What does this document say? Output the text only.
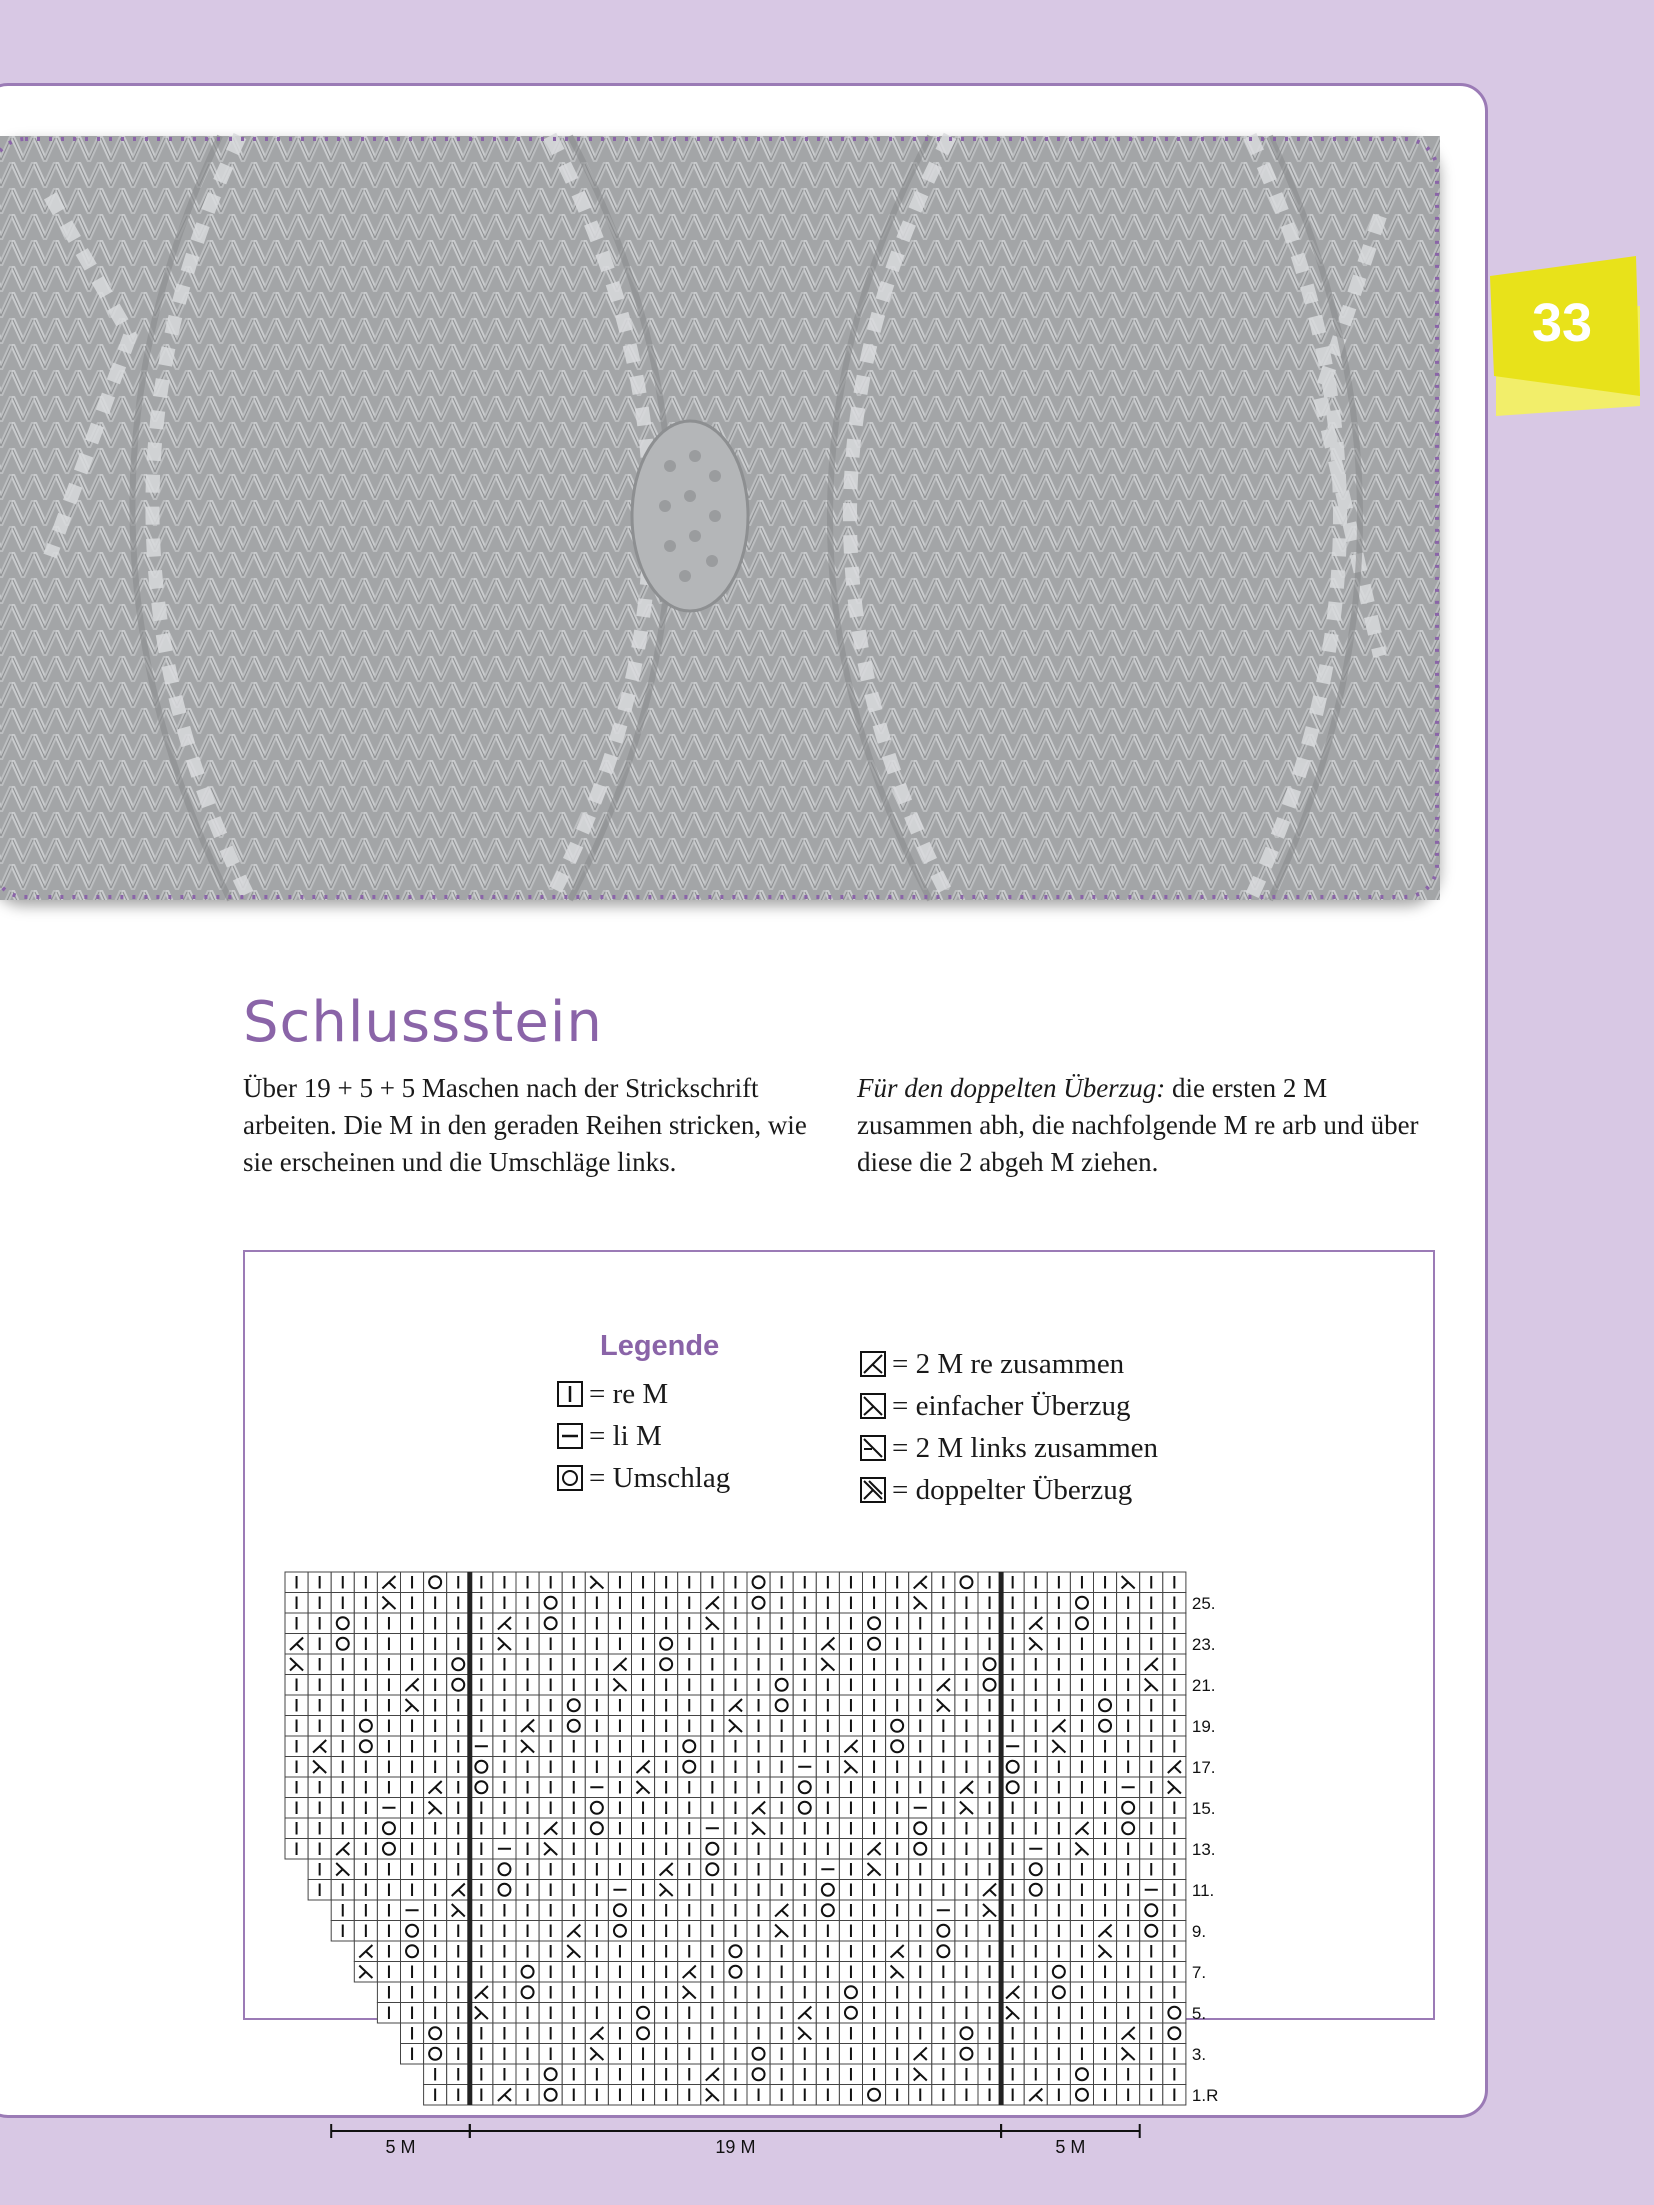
33
Schlussstein
Über 19 + 5 + 5 Maschen nach der Strickschrift arbeiten. Die M in den geraden Reihen stricken, wie sie erscheinen und die Umschläge links.
Für den doppelten Überzug: die ersten 2 M zusammen abh, die nachfolgende M re arb und über diese die 2 abgeh M ziehen.
Legende
= re M
= li M
= Umschlag
= 2 M re zusammen
= einfacher Überzug
= 2 M links zusammen
= doppelter Überzug
25.
23.
21.
19.
17.
15.
13.
11.
9.
7.
5.
3.
1.R
5 M	19 M	5 M
